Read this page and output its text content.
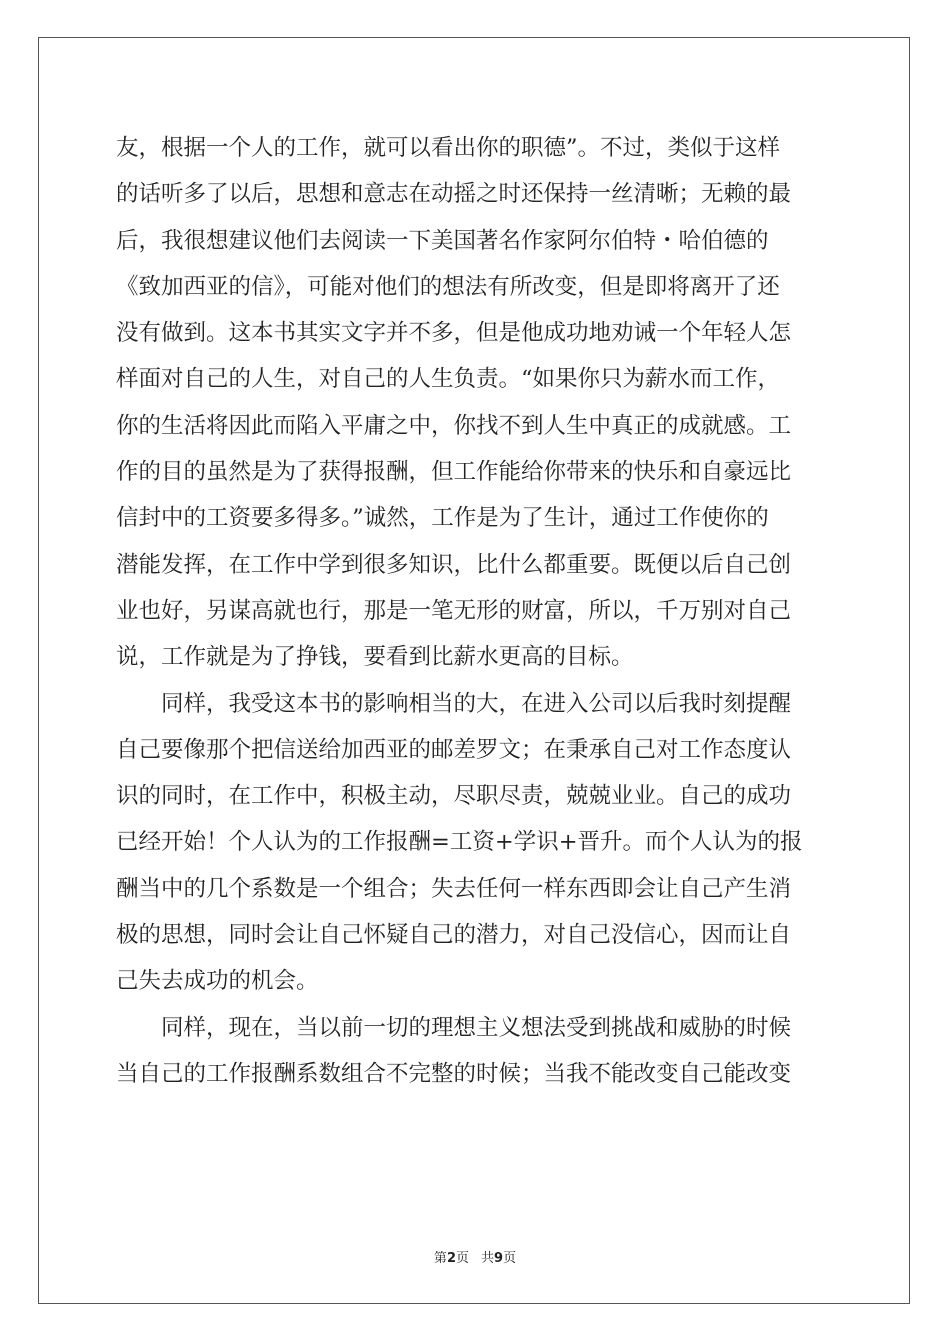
友，根据一个人的工作，就可以看出你的职德”。不过，类似于这样
的话听多了以后，思想和意志在动摇之时还保持一丝清晰；无赖的最
后，我很想建议他们去阅读一下美国著名作家阿尔伯特・哈伯德的
《致加西亚的信》，可能对他们的想法有所改变，但是即将离开了还
没有做到。这本书其实文字并不多，但是他成功地劝诫一个年轻人怎
样面对自己的人生，对自己的人生负责。“如果你只为薪水而工作，
你的生活将因此而陷入平庸之中，你找不到人生中真正的成就感。工
作的目的虽然是为了获得报酬，但工作能给你带来的快乐和自豪远比
信封中的工资要多得多。”诚然，工作是为了生计，通过工作使你的
潜能发挥，在工作中学到很多知识，比什么都重要。既便以后自己创
业也好，另谋高就也行，那是一笔无形的财富，所以，千万别对自己
说，工作就是为了挣钱，要看到比薪水更高的目标。
　　同样，我受这本书的影响相当的大，在进入公司以后我时刻提醒
自己要像那个把信送给加西亚的邮差罗文；在秉承自己对工作态度认
识的同时，在工作中，积极主动，尽职尽责，兢兢业业。自己的成功
已经开始！个人认为的工作报酬=工资+学识+晋升。而个人认为的报
酬当中的几个系数是一个组合；失去任何一样东西即会让自己产生消
极的思想，同时会让自己怀疑自己的潜力，对自己没信心，因而让自
己失去成功的机会。
　　同样，现在，当以前一切的理想主义想法受到挑战和威胁的时候
当自己的工作报酬系数组合不完整的时候；当我不能改变自己能改变
第2页 共9页
